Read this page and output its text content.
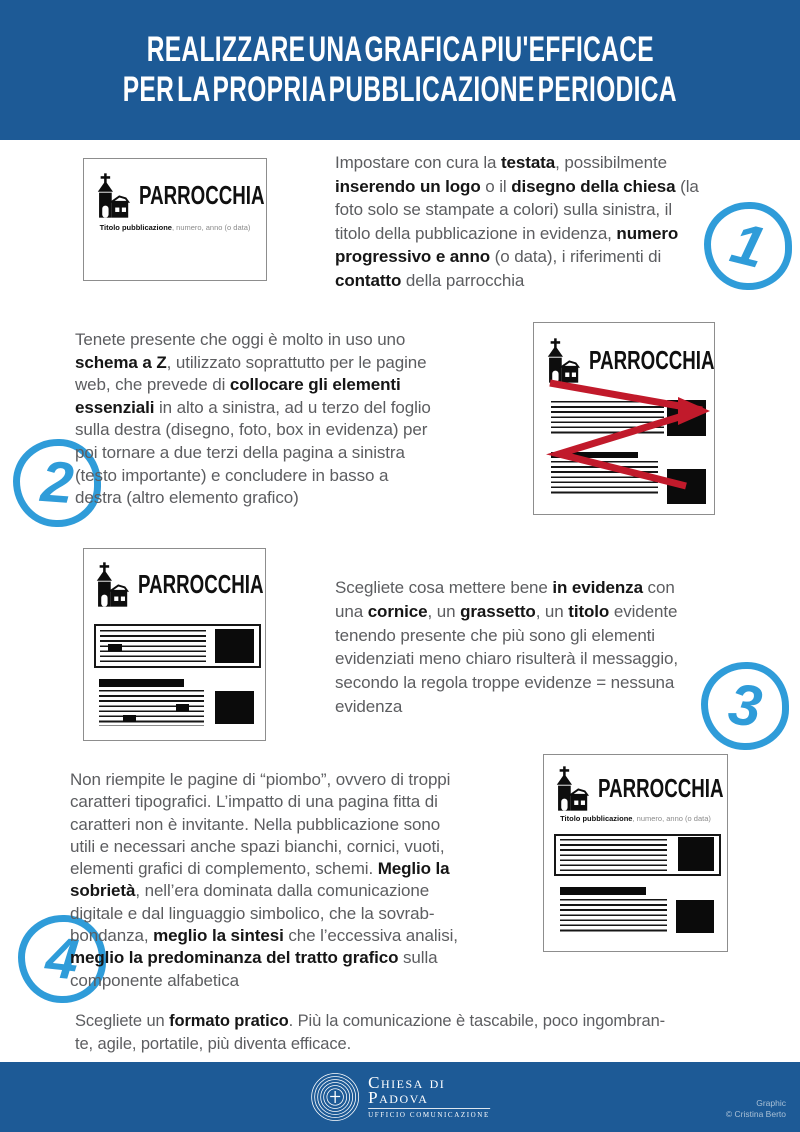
REALIZZARE UNA GRAFICA PIU'EFFICACE
PER LA PROPRIA PUBBLICAZIONE PERIODICA
PARROCCHIA
Titolo pubblicazione, numero, anno (o data)
Impostare con cura la testata, possibilmente
inserendo un logo o il disegno della chiesa (la
foto solo se stampate a colori) sulla sinistra, il
titolo della pubblicazione in evidenza, numero
progressivo e anno (o data), i riferimenti di
contatto della parrocchia	1
Tenete presente che oggi è molto in uso uno
schema a Z, utilizzato soprattutto per le pagine
web, che prevede di collocare gli elementi
essenziali in alto a sinistra, ad u terzo del foglio
sulla destra (disegno, foto, box in evidenza) per
poi tornare a due terzi della pagina a sinistra
(testo importante) e concludere in basso a
destra (altro elemento grafico)
2
PARROCCHIA
PARROCCHIA	Scegliete cosa mettere bene in evidenza con
una cornice, un grassetto, un titolo evidente
tenendo presente che più sono gli elementi
evidenziati meno chiaro risulterà il messaggio,
secondo la regola troppe evidenze = nessuna
evidenza	3
Non riempite le pagine di “piombo”, ovvero di troppi
caratteri tipografici. L’impatto di una pagina fitta di
caratteri non è invitante. Nella pubblicazione sono
utili e necessari anche spazi bianchi, cornici, vuoti,
elementi grafici di complemento, schemi. Meglio la
sobrietà, nell’era dominata dalla comunicazione
digitale e dal linguaggio simbolico, che la sovrab-
bondanza, meglio la sintesi che l’eccessiva analisi,
meglio la predominanza del tratto grafico sulla
componente alfabetica
4
PARROCCHIA
Titolo pubblicazione, numero, anno (o data)
Scegliete un formato pratico. Più la comunicazione è tascabile, poco ingombran-
te, agile, portatile, più diventa efficace.
Chiesa di
Padova
UFFICIO COMUNICAZIONE
Graphic
© Cristina Berto
